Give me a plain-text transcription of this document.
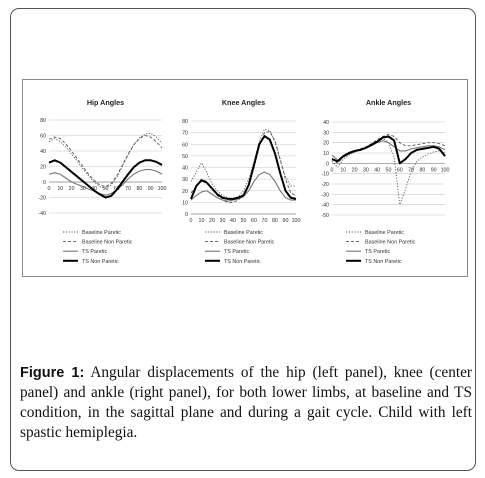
Hip Angles
-40
-20
0
20
40
60
80
0 10 20 30 40 50 60 70 80 90 100
Baseline Paretic
Baseline Non Paretic
TS Paretic
TS Non Paretic
Knee Angles
0
10
20
30
40
50
60
70
80
0 10 20 30 40 50 60 70 80 90 100
Baseline Paretic
Baseline Non Paretic
TS Paretic
TS Non Paretic
Ankle Angles
-50
-40
-30
-20
-10
0
10
20
30
40
0 10 20 30 40 50 60 70 80 90 100
Baseline Paretic
Baseline Non Paretic
TS Paretic
TS Non Paretic

Figure 1: Angular displacements of the hip (left panel), knee (center panel) and ankle (right panel), for both lower limbs, at baseline and TS condition, in the sagittal plane and during a gait cycle. Child with left spastic hemiplegia.
